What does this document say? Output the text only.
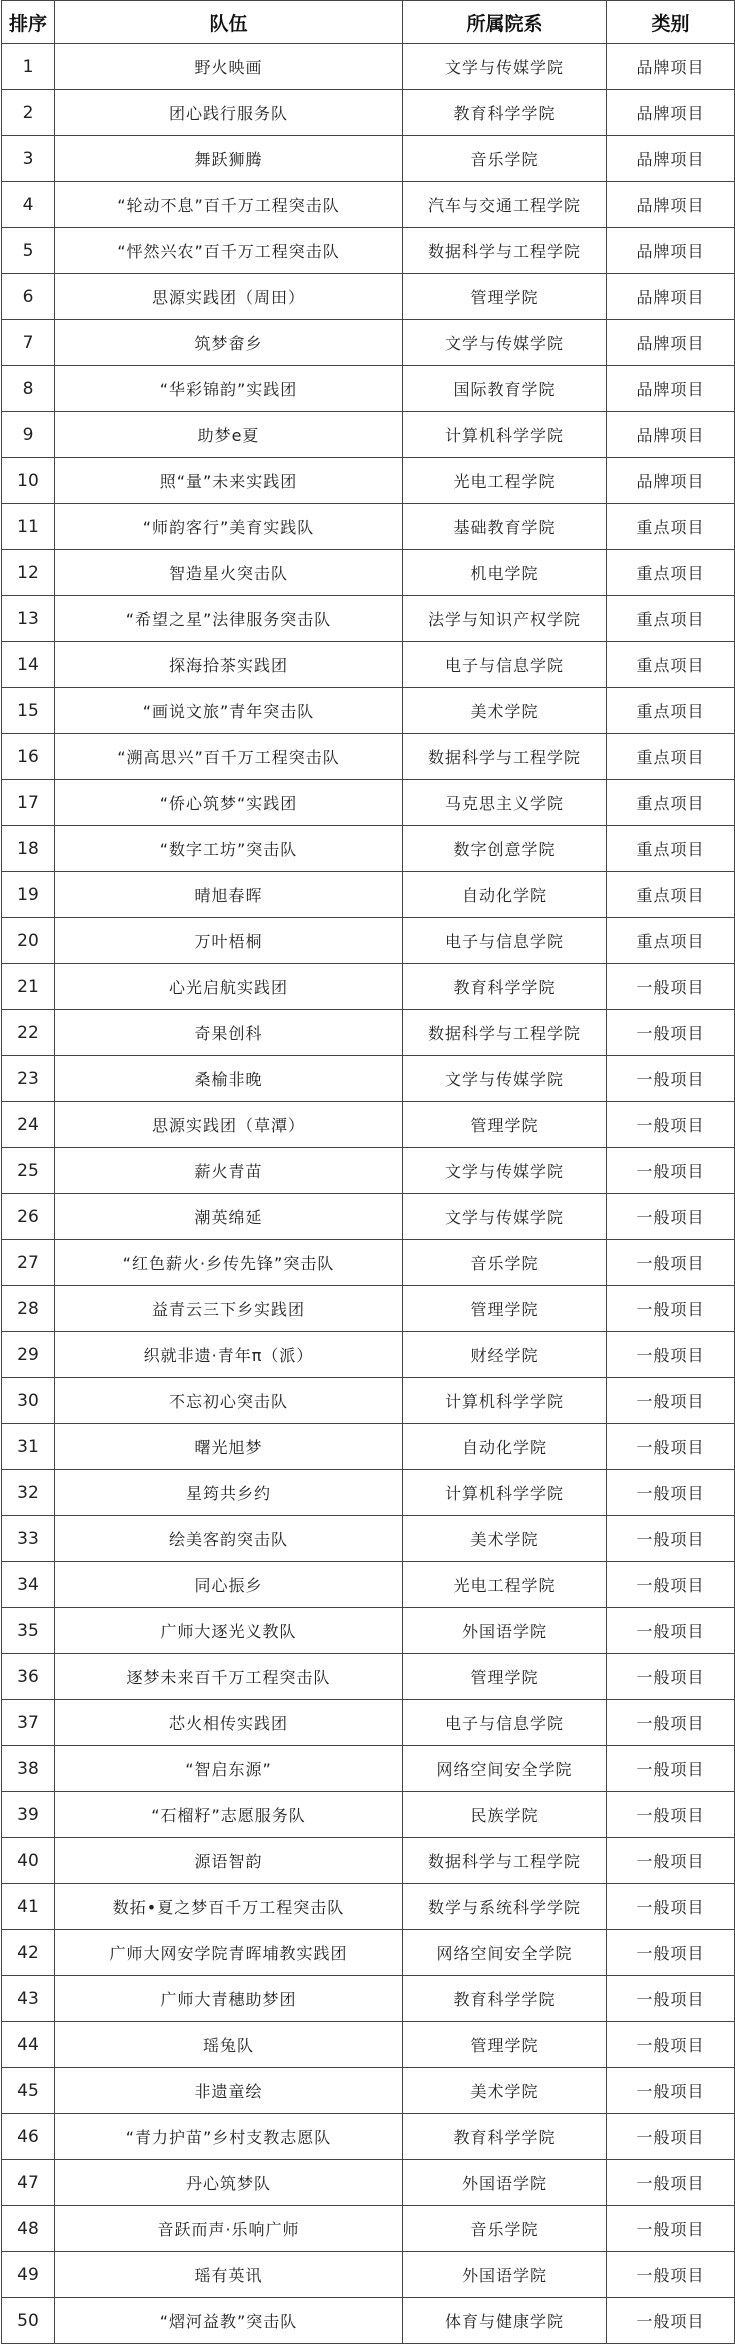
排序	队伍	所属院系	类别
1	野火映画	文学与传媒学院	品牌项目
2	团心践行服务队	教育科学学院	品牌项目
3	舞跃狮腾	音乐学院	品牌项目
4	“轮动不息”百千万工程突击队	汽车与交通工程学院	品牌项目
5	“怦然兴农”百千万工程突击队	数据科学与工程学院	品牌项目
6	思源实践团（周田）	管理学院	品牌项目
7	筑梦畲乡	文学与传媒学院	品牌项目
8	“华彩锦韵”实践团	国际教育学院	品牌项目
9	助梦e夏	计算机科学学院	品牌项目
10	照“量”未来实践团	光电工程学院	品牌项目
11	“师韵客行”美育实践队	基础教育学院	重点项目
12	智造星火突击队	机电学院	重点项目
13	“希望之星”法律服务突击队	法学与知识产权学院	重点项目
14	探海拾茶实践团	电子与信息学院	重点项目
15	“画说文旅”青年突击队	美术学院	重点项目
16	“溯高思兴”百千万工程突击队	数据科学与工程学院	重点项目
17	“侨心筑梦“实践团	马克思主义学院	重点项目
18	“数字工坊”突击队	数字创意学院	重点项目
19	晴旭春晖	自动化学院	重点项目
20	万叶梧桐	电子与信息学院	重点项目
21	心光启航实践团	教育科学学院	一般项目
22	奇果创科	数据科学与工程学院	一般项目
23	桑榆非晚	文学与传媒学院	一般项目
24	思源实践团（草潭）	管理学院	一般项目
25	薪火青苗	文学与传媒学院	一般项目
26	潮英绵延	文学与传媒学院	一般项目
27	“红色薪火·乡传先锋”突击队	音乐学院	一般项目
28	益青云三下乡实践团	管理学院	一般项目
29	织就非遗·青年π（派）	财经学院	一般项目
30	不忘初心突击队	计算机科学学院	一般项目
31	曙光旭梦	自动化学院	一般项目
32	星筠共乡约	计算机科学学院	一般项目
33	绘美客韵突击队	美术学院	一般项目
34	同心振乡	光电工程学院	一般项目
35	广师大逐光义教队	外国语学院	一般项目
36	逐梦未来百千万工程突击队	管理学院	一般项目
37	芯火相传实践团	电子与信息学院	一般项目
38	“智启东源”	网络空间安全学院	一般项目
39	“石榴籽”志愿服务队	民族学院	一般项目
40	源语智韵	数据科学与工程学院	一般项目
41	数拓•夏之梦百千万工程突击队	数学与系统科学学院	一般项目
42	广师大网安学院青晖埔教实践团	网络空间安全学院	一般项目
43	广师大青穗助梦团	教育科学学院	一般项目
44	瑶兔队	管理学院	一般项目
45	非遗童绘	美术学院	一般项目
46	“青力护苗”乡村支教志愿队	教育科学学院	一般项目
47	丹心筑梦队	外国语学院	一般项目
48	音跃而声·乐响广师	音乐学院	一般项目
49	瑶有英讯	外国语学院	一般项目
50	“熠河益教”突击队	体育与健康学院	一般项目
